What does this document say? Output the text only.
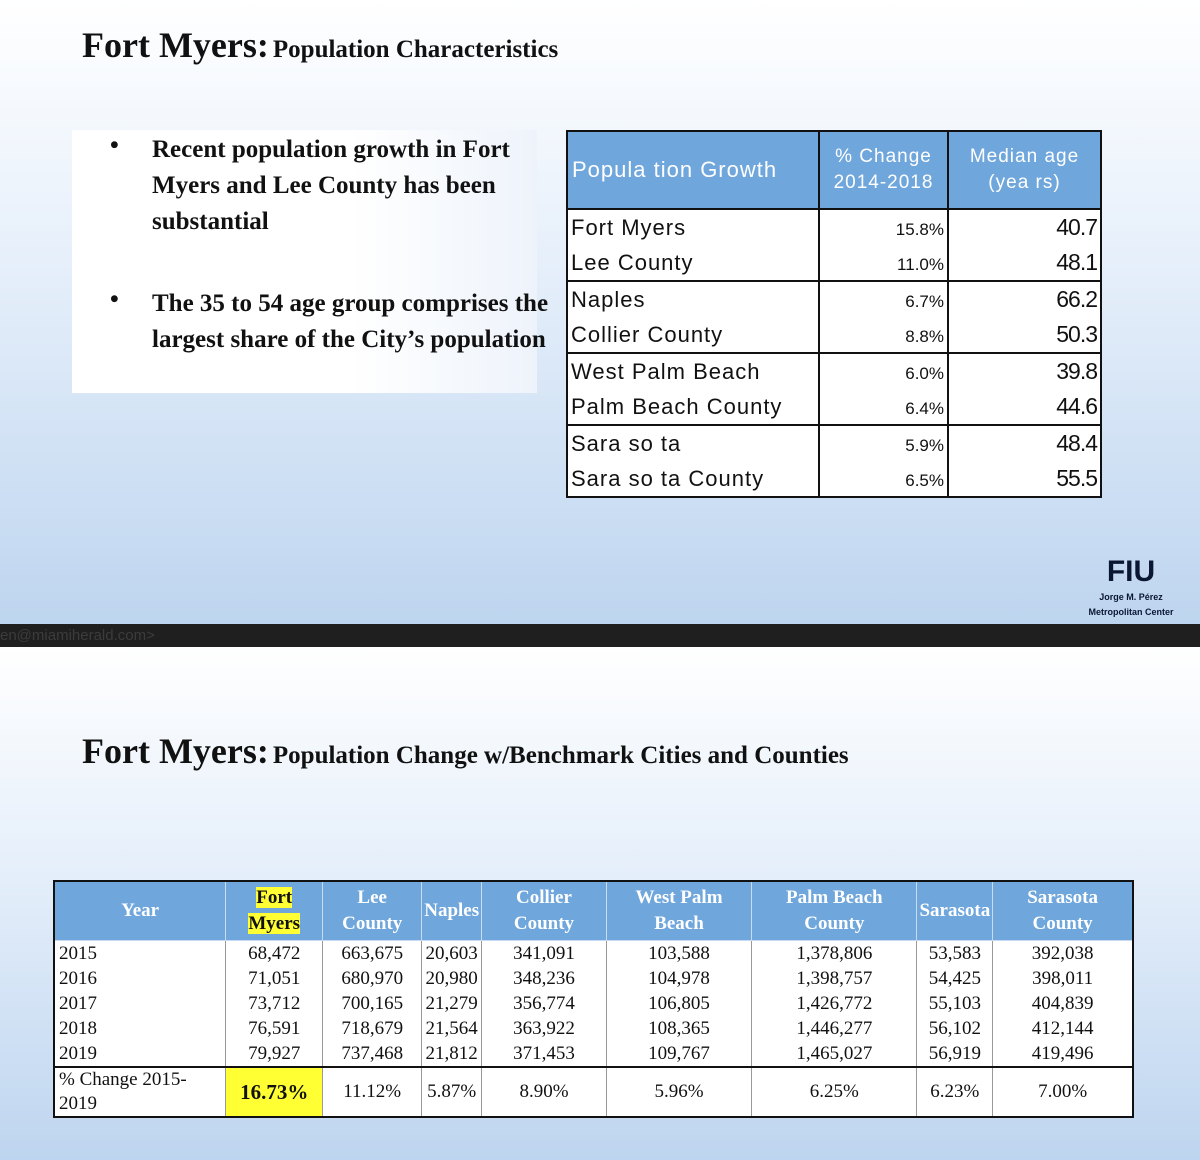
Fort Myers: Population Characteristics
• Recent population growth in Fort Myers and Lee County has been substantial
• The 35 to 54 age group comprises the largest share of the City’s population
Popula tion Growth	% Change 2014-2018	Median age (yea rs)
Fort Myers	15.8%	40.7
Lee County	11.0%	48.1
Naples	6.7%	66.2
Collier County	8.8%	50.3
West Palm Beach	6.0%	39.8
Palm Beach County	6.4%	44.6
Sara so ta	5.9%	48.4
Sara so ta County	6.5%	55.5
FIU
Jorge M. Pérez
Metropolitan Center
en@miamiherald.com>
Fort Myers: Population Change w/Benchmark Cities and Counties
Year	Fort Myers	Lee County	Naples	Collier County	West Palm Beach	Palm Beach County	Sarasota	Sarasota County
2015	68,472	663,675	20,603	341,091	103,588	1,378,806	53,583	392,038
2016	71,051	680,970	20,980	348,236	104,978	1,398,757	54,425	398,011
2017	73,712	700,165	21,279	356,774	106,805	1,426,772	55,103	404,839
2018	76,591	718,679	21,564	363,922	108,365	1,446,277	56,102	412,144
2019	79,927	737,468	21,812	371,453	109,767	1,465,027	56,919	419,496
% Change 2015-2019	16.73%	11.12%	5.87%	8.90%	5.96%	6.25%	6.23%	7.00%
